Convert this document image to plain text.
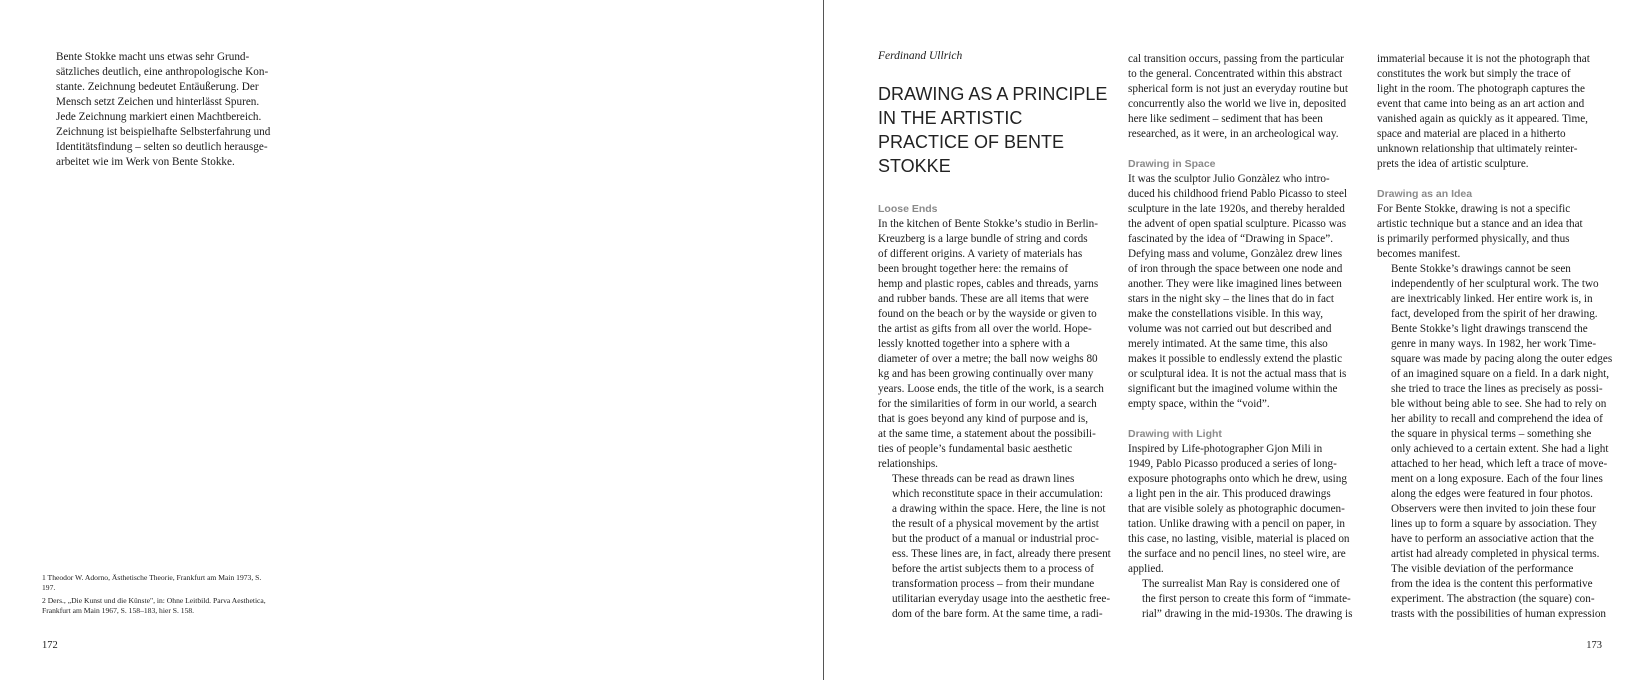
Bente Stokke macht uns etwas sehr Grund-
sätzliches deutlich, eine anthropologische Kon-
stante. Zeichnung bedeutet Entäußerung. Der
Mensch setzt Zeichen und hinterlässt Spuren.
Jede Zeichnung markiert einen Machtbereich.
Zeichnung ist beispielhafte Selbsterfahrung und
Identitätsfindung – selten so deutlich herausge-
arbeitet wie im Werk von Bente Stokke.

1 Theodor W. Adorno, Ästhetische Theorie, Frankfurt am Main 1973, S. 197.

2 Ders., „Die Kunst und die Künste", in: Ohne Leitbild. Parva Aesthetica, Frankfurt am Main 1967, S. 158–183, hier S. 158.

172
Ferdinand Ullrich
DRAWING AS A PRINCIPLE IN THE ARTISTIC PRACTICE OF BENTE STOKKE

Loose Ends

In the kitchen of Bente Stokke’s studio in Berlin-
Kreuzberg is a large bundle of string and cords
of different origins. A variety of materials has
been brought together here: the remains of
hemp and plastic ropes, cables and threads, yarns
and rubber bands. These are all items that were
found on the beach or by the wayside or given to
the artist as gifts from all over the world. Hope-
lessly knotted together into a sphere with a
diameter of over a metre; the ball now weighs 80
kg and has been growing continually over many
years. Loose ends, the title of the work, is a search
for the similarities of form in our world, a search
that is goes beyond any kind of purpose and is,
at the same time, a statement about the possibili-
ties of people’s fundamental basic aesthetic
relationships.

These threads can be read as drawn lines
which reconstitute space in their accumulation:
a drawing within the space. Here, the line is not
the result of a physical movement by the artist
but the product of a manual or industrial proc-
ess. These lines are, in fact, already there present
before the artist subjects them to a process of
transformation process – from their mundane
utilitarian everyday usage into the aesthetic free-
dom of the bare form. At the same time, a radi-

cal transition occurs, passing from the particular
to the general. Concentrated within this abstract
spherical form is not just an everyday routine but
concurrently also the world we live in, deposited
here like sediment – sediment that has been
researched, as it were, in an archeological way.

Drawing in Space

It was the sculptor Julio Gonzàlez who intro-
duced his childhood friend Pablo Picasso to steel
sculpture in the late 1920s, and thereby heralded
the advent of open spatial sculpture. Picasso was
fascinated by the idea of “Drawing in Space”.
Defying mass and volume, Gonzàlez drew lines
of iron through the space between one node and
another. They were like imagined lines between
stars in the night sky – the lines that do in fact
make the constellations visible. In this way,
volume was not carried out but described and
merely intimated. At the same time, this also
makes it possible to endlessly extend the plastic
or sculptural idea. It is not the actual mass that is
significant but the imagined volume within the
empty space, within the “void”.

Drawing with Light

Inspired by Life-photographer Gjon Mili in
1949, Pablo Picasso produced a series of long-
exposure photographs onto which he drew, using
a light pen in the air. This produced drawings
that are visible solely as photographic documen-
tation. Unlike drawing with a pencil on paper, in
this case, no lasting, visible, material is placed on
the surface and no pencil lines, no steel wire, are
applied.

The surrealist Man Ray is considered one of
the first person to create this form of “immate-
rial” drawing in the mid-1930s. The drawing is

immaterial because it is not the photograph that
constitutes the work but simply the trace of
light in the room. The photograph captures the
event that came into being as an art action and
vanished again as quickly as it appeared. Time,
space and material are placed in a hitherto
unknown relationship that ultimately reinter-
prets the idea of artistic sculpture.

Drawing as an Idea

For Bente Stokke, drawing is not a specific
artistic technique but a stance and an idea that
is primarily performed physically, and thus
becomes manifest.

Bente Stokke’s drawings cannot be seen
independently of her sculptural work. The two
are inextricably linked. Her entire work is, in
fact, developed from the spirit of her drawing.

Bente Stokke’s light drawings transcend the
genre in many ways. In 1982, her work Time-
square was made by pacing along the outer edges
of an imagined square on a field. In a dark night,
she tried to trace the lines as precisely as possi-
ble without being able to see. She had to rely on
her ability to recall and comprehend the idea of
the square in physical terms – something she
only achieved to a certain extent. She had a light
attached to her head, which left a trace of move-
ment on a long exposure. Each of the four lines
along the edges were featured in four photos.
Observers were then invited to join these four
lines up to form a square by association. They
have to perform an associative action that the
artist had already completed in physical terms.

The visible deviation of the performance
from the idea is the content this performative
experiment. The abstraction (the square) con-
trasts with the possibilities of human expression

173
